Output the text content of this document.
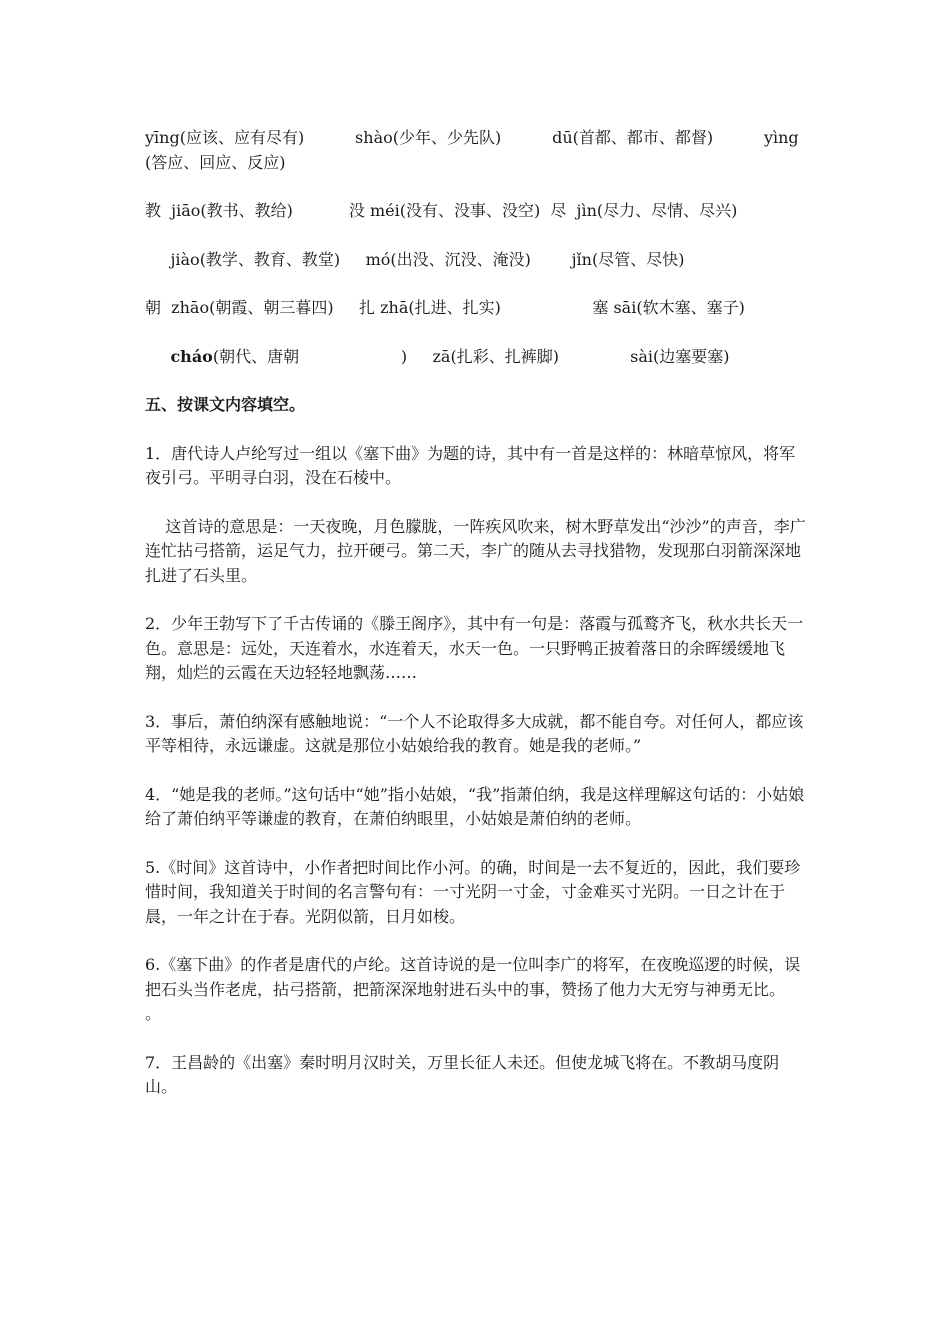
yīng(应该、应有尽有)          shào(少年、少先队)          dū(首都、都市、都督)          yìng (答应、回应、反应)

教  jiāo(教书、教给)           没 méi(没有、没事、没空)  尽  jìn(尽力、尽情、尽兴)

jiào(教学、教育、教堂)     mó(出没、沉没、淹没)        jǐn(尽管、尽快)

朝  zhāo(朝霞、朝三暮四)     扎 zhā(扎进、扎实)                  塞 sāi(软木塞、塞子)

cháo(朝代、唐朝                    )     zā(扎彩、扎裤脚)              sài(边塞要塞)

五、按课文内容填空。

1．唐代诗人卢纶写过一组以《塞下曲》为题的诗，其中有一首是这样的：林暗草惊风，将军夜引弓。平明寻白羽，没在石棱中。

这首诗的意思是：一天夜晚，月色朦胧，一阵疾风吹来，树木野草发出“沙沙”的声音，李广连忙拈弓搭箭，运足气力，拉开硬弓。第二天，李广的随从去寻找猎物，发现那白羽箭深深地扎进了石头里。

2．少年王勃写下了千古传诵的《滕王阁序》，其中有一句是：落霞与孤鹜齐飞，秋水共长天一色。意思是：远处，天连着水，水连着天，水天一色。一只野鸭正披着落日的余晖缓缓地飞翔，灿烂的云霞在天边轻轻地飘荡……

3．事后，萧伯纳深有感触地说：“一个人不论取得多大成就，都不能自夸。对任何人，都应该平等相待，永远谦虚。这就是那位小姑娘给我的教育。她是我的老师。”

4．“她是我的老师。”这句话中“她”指小姑娘，“我”指萧伯纳，我是这样理解这句话的：小姑娘给了萧伯纳平等谦虚的教育，在萧伯纳眼里，小姑娘是萧伯纳的老师。

5.《时间》这首诗中，小作者把时间比作小河。的确，时间是一去不复近的，因此，我们要珍惜时间，我知道关于时间的名言警句有：一寸光阴一寸金，寸金难买寸光阴。一日之计在于晨，一年之计在于春。光阴似箭，日月如梭。

6.《塞下曲》的作者是唐代的卢纶。这首诗说的是一位叫李广的将军，在夜晚巡逻的时候，误把石头当作老虎，拈弓搭箭，把箭深深地射进石头中的事，赞扬了他力大无穷与神勇无比。                              。

7．王昌龄的《出塞》秦时明月汉时关，万里长征人未还。但使龙城飞将在。不教胡马度阴山。
